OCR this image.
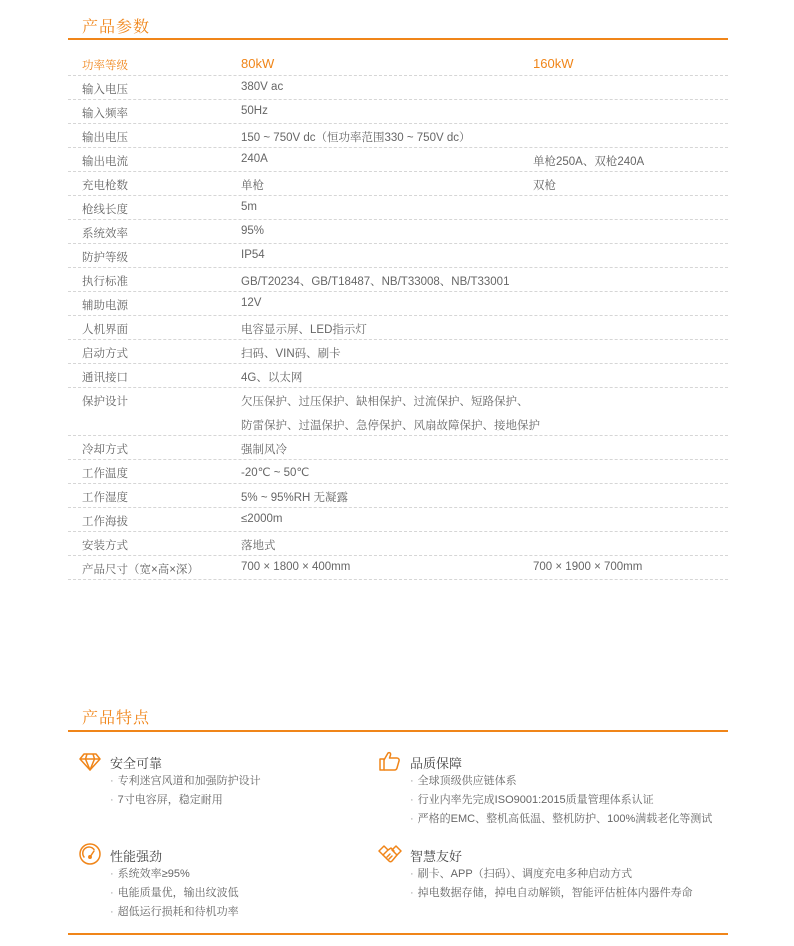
产品参数
功率等级	80kW	160kW
输入电压	380V ac
输入频率	50Hz
输出电压	150 ~ 750V dc（恒功率范围330 ~ 750V dc）
输出电流	240A	单枪250A、双枪240A
充电枪数	单枪	双枪
枪线长度	5m
系统效率	95%
防护等级	IP54
执行标准	GB/T20234、GB/T18487、NB/T33008、NB/T33001
辅助电源	12V
人机界面	电容显示屏、LED指示灯
启动方式	扫码、VIN码、刷卡
通讯接口	4G、以太网
保护设计	欠压保护、过压保护、缺相保护、过流保护、短路保护、
防雷保护、过温保护、急停保护、风扇故障保护、接地保护
冷却方式	强制风冷
工作温度	-20℃ ~ 50℃
工作湿度	5% ~ 95%RH 无凝露
工作海拔	≤2000m
安装方式	落地式
产品尺寸（宽×高×深）	700 × 1800 × 400mm	700 × 1900 × 700mm
产品特点
安全可靠
· 专利迷宫风道和加强防护设计
· 7寸电容屏，稳定耐用
品质保障
· 全球顶级供应链体系
· 行业内率先完成ISO9001:2015质量管理体系认证
· 严格的EMC、整机高低温、整机防护、100%满载老化等测试
性能强劲
· 系统效率≥95%
· 电能质量优，输出纹波低
· 超低运行损耗和待机功率
智慧友好
· 刷卡、APP（扫码）、调度充电多种启动方式
· 掉电数据存储，掉电自动解锁，智能评估桩体内器件寿命
